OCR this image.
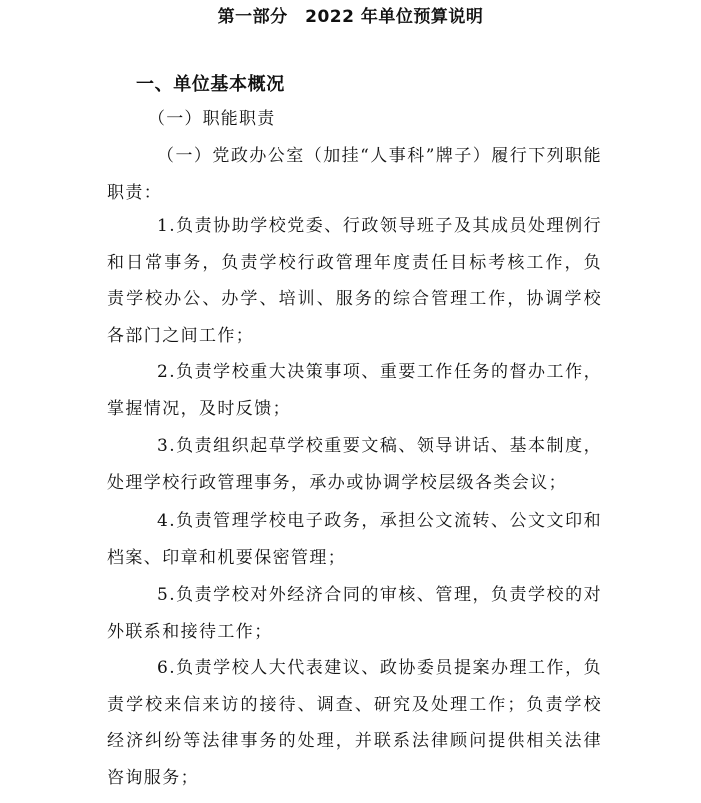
第一部分　2022 年单位预算说明
一、单位基本概况
（一）职能职责

（一）党政办公室（加挂“人事科”牌子）履行下列职能职责：

1.负责协助学校党委、行政领导班子及其成员处理例行和日常事务，负责学校行政管理年度责任目标考核工作，负责学校办公、办学、培训、服务的综合管理工作，协调学校各部门之间工作；

2.负责学校重大决策事项、重要工作任务的督办工作，掌握情况，及时反馈；

3.负责组织起草学校重要文稿、领导讲话、基本制度，处理学校行政管理事务，承办或协调学校层级各类会议；

4.负责管理学校电子政务，承担公文流转、公文文印和档案、印章和机要保密管理；

5.负责学校对外经济合同的审核、管理，负责学校的对外联系和接待工作；

6.负责学校人大代表建议、政协委员提案办理工作，负责学校来信来访的接待、调查、研究及处理工作；负责学校经济纠纷等法律事务的处理，并联系法律顾问提供相关法律咨询服务；
